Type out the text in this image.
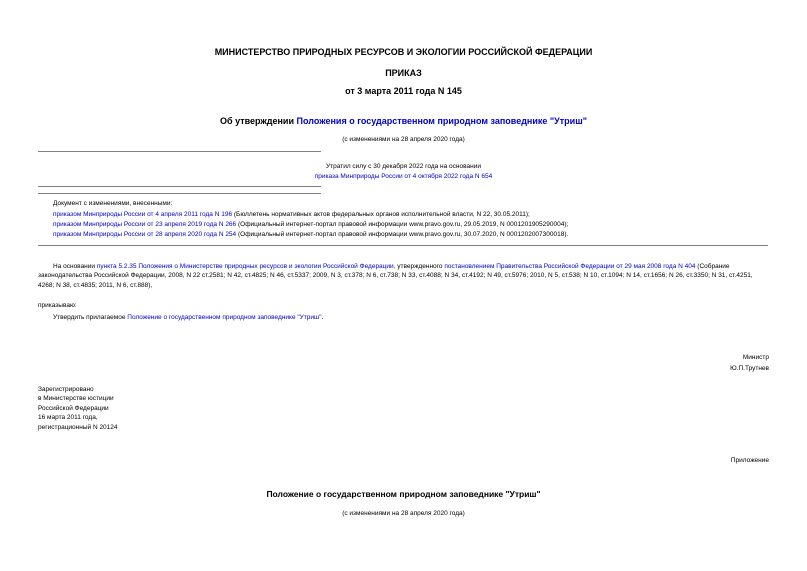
МИНИСТЕРСТВО ПРИРОДНЫХ РЕСУРСОВ И ЭКОЛОГИИ РОССИЙСКОЙ ФЕДЕРАЦИИ
ПРИКАЗ
от 3 марта 2011 года N 145
Об утверждении Положения о государственном природном заповеднике "Утриш"
(с изменениями на 28 апреля 2020 года)
Утратил силу с 30 декабря 2022 года на основании
приказа Минприроды России от 4 октября 2022 года N 654
Документ с изменениями, внесенными:

приказом Минприроды России от 4 апреля 2011 года N 196 (Бюллетень нормативных актов федеральных органов исполнительной власти, N 22, 30.05.2011);

приказом Минприроды России от 23 апреля 2019 года N 266 (Официальный интернет-портал правовой информации www.pravo.gov.ru, 29.05.2019, N 0001201905290004);

приказом Минприроды России от 28 апреля 2020 года N 254 (Официальный интернет-портал правовой информации www.pravo.gov.ru, 30.07.2020, N 0001202007300018).

На основании пункта 5.2.35 Положения о Министерстве природных ресурсов и экологии Российской Федерации, утвержденного постановлением Правительства Российской Федерации от 29 мая 2008 года N 404 (Собрание законодательства Российской Федерации, 2008, N 22 ст.2581; N 42, ст.4825; N 46, ст.5337; 2009, N 3, ст.378; N 6, ст.738; N 33, ст.4088; N 34, ст.4192; N 49, ст.5976; 2010, N 5, ст.538; N 10, ст.1094; N 14, ст.1656; N 26, ст.3350; N 31, ст.4251, 4268; N 38, ст.4835; 2011, N 6, ст.888),
приказываю:
Утвердить прилагаемое Положение о государственном природном заповеднике "Утриш".
Министр
Ю.П.Трутнев
Зарегистрировано
в Министерстве юстиции
Российской Федерации
16 марта 2011 года,
регистрационный N 20124
Приложение
Положение о государственном природном заповеднике "Утриш"
(с изменениями на 28 апреля 2020 года)
